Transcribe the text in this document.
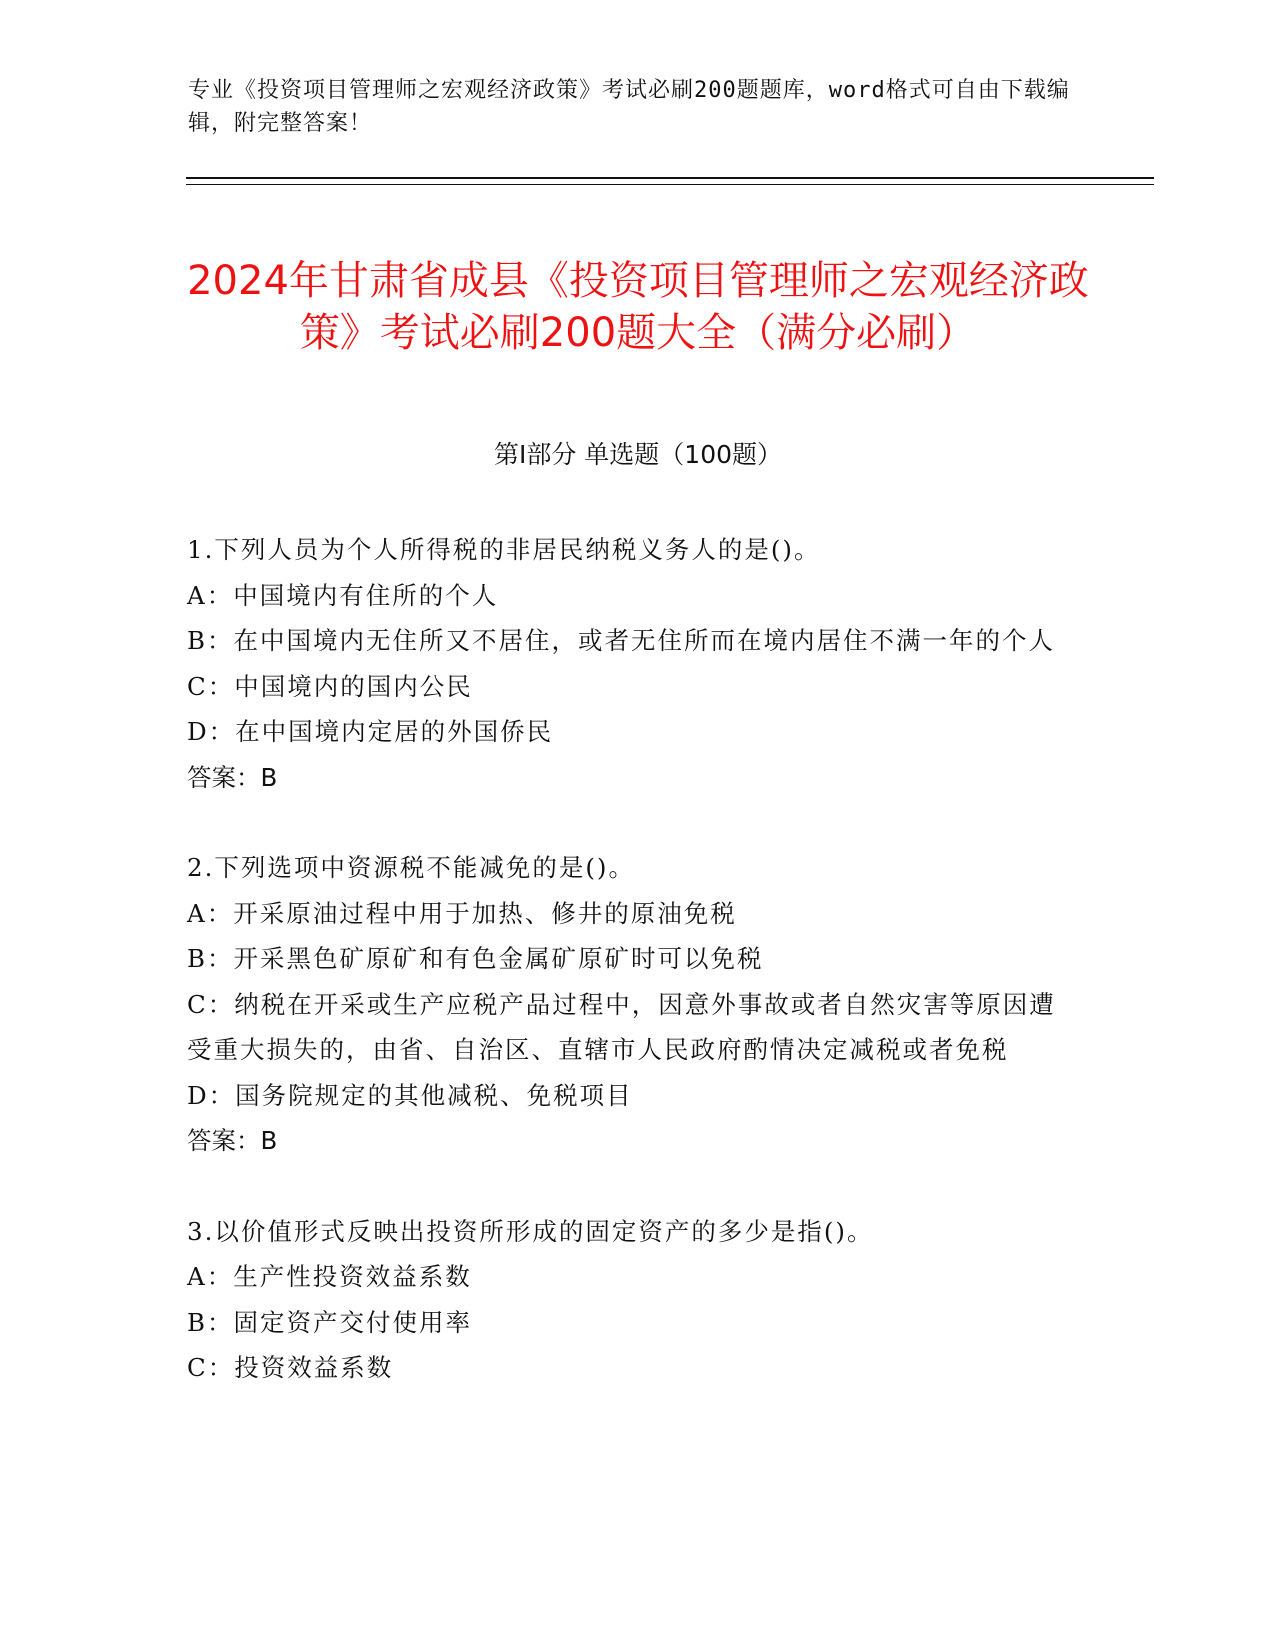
专业《投资项目管理师之宏观经济政策》考试必刷200题题库，word格式可自由下载编辑，附完整答案！
2024年甘肃省成县《投资项目管理师之宏观经济政策》考试必刷200题大全（满分必刷）
第I部分 单选题（100题）

1.下列人员为个人所得税的非居民纳税义务人的是()。

A：中国境内有住所的个人

B：在中国境内无住所又不居住，或者无住所而在境内居住不满一年的个人

C：中国境内的国内公民

D：在中国境内定居的外国侨民

答案：B

2.下列选项中资源税不能减免的是()。

A：开采原油过程中用于加热、修井的原油免税

B：开采黑色矿原矿和有色金属矿原矿时可以免税

C：纳税在开采或生产应税产品过程中，因意外事故或者自然灾害等原因遭受重大损失的，由省、自治区、直辖市人民政府酌情决定减税或者免税

D：国务院规定的其他减税、免税项目

答案：B

3.以价值形式反映出投资所形成的固定资产的多少是指()。

A：生产性投资效益系数

B：固定资产交付使用率

C：投资效益系数
